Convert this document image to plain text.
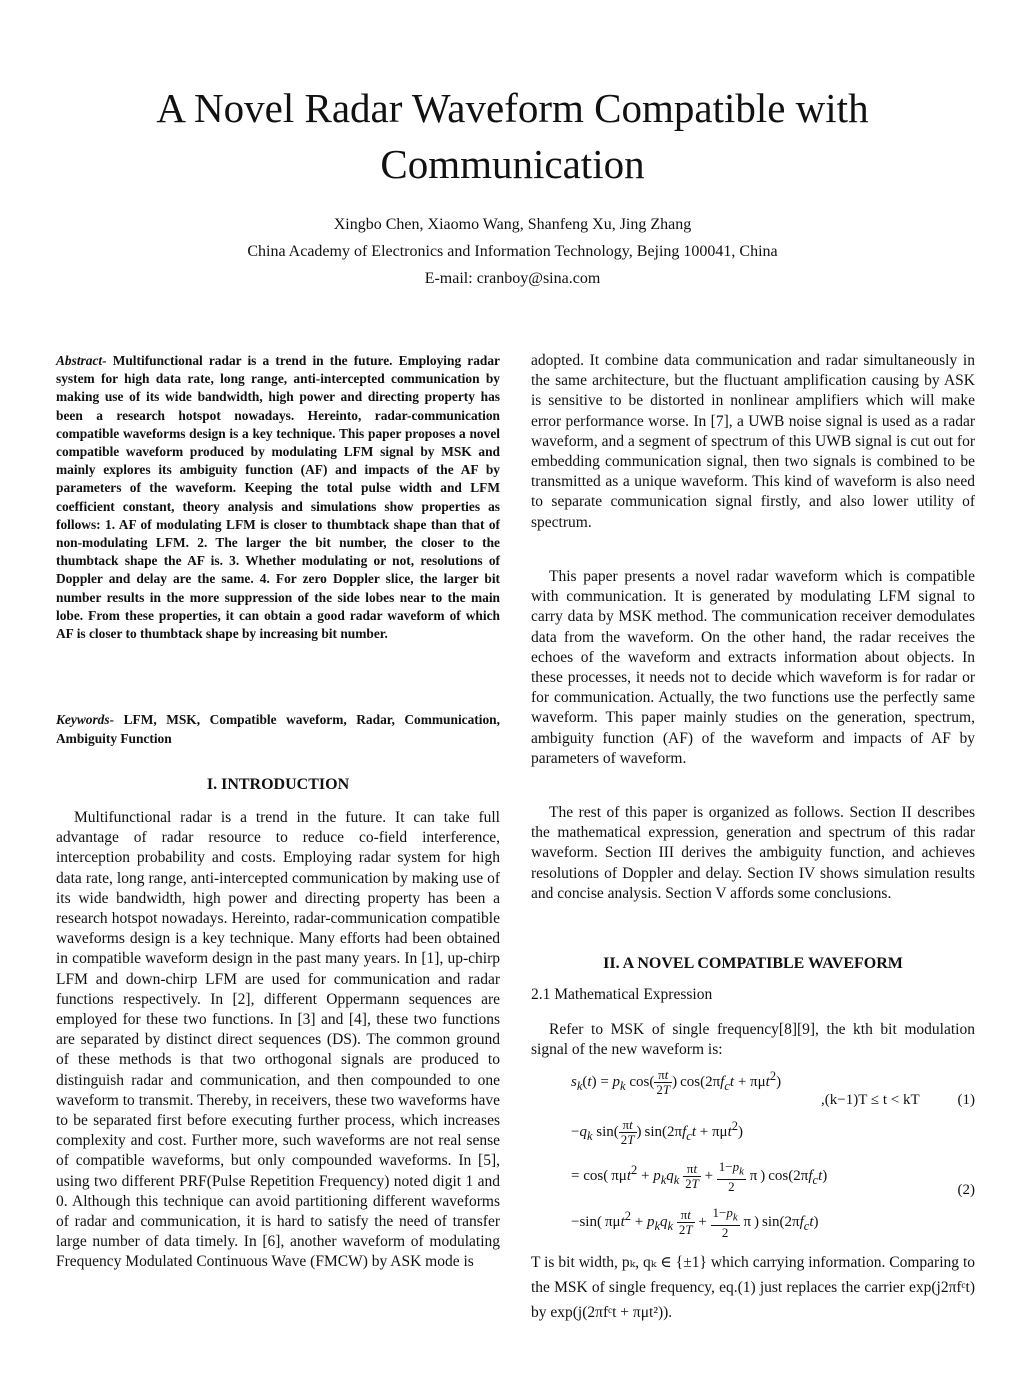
A Novel Radar Waveform Compatible with Communication
Xingbo Chen, Xiaomo Wang, Shanfeng Xu, Jing Zhang
China Academy of Electronics and Information Technology, Bejing 100041, China
E-mail: cranboy@sina.com

Abstract- Multifunctional radar is a trend in the future. Employing radar system for high data rate, long range, anti-intercepted communication by making use of its wide bandwidth, high power and directing property has been a research hotspot nowadays. Hereinto, radar-communication compatible waveforms design is a key technique. This paper proposes a novel compatible waveform produced by modulating LFM signal by MSK and mainly explores its ambiguity function (AF) and impacts of the AF by parameters of the waveform. Keeping the total pulse width and LFM coefficient constant, theory analysis and simulations show properties as follows: 1. AF of modulating LFM is closer to thumbtack shape than that of non-modulating LFM. 2. The larger the bit number, the closer to the thumbtack shape the AF is. 3. Whether modulating or not, resolutions of Doppler and delay are the same. 4. For zero Doppler slice, the larger bit number results in the more suppression of the side lobes near to the main lobe. From these properties, it can obtain a good radar waveform of which AF is closer to thumbtack shape by increasing bit number.

Keywords- LFM, MSK, Compatible waveform, Radar, Communication, Ambiguity Function

I. INTRODUCTION

Multifunctional radar is a trend in the future. It can take full advantage of radar resource to reduce co-field interference, interception probability and costs. Employing radar system for high data rate, long range, anti-intercepted communication by making use of its wide bandwidth, high power and directing property has been a research hotspot nowadays. Hereinto, radar-communication compatible waveforms design is a key technique. Many efforts had been obtained in compatible waveform design in the past many years. In [1], up-chirp LFM and down-chirp LFM are used for communication and radar functions respectively. In [2], different Oppermann sequences are employed for these two functions. In [3] and [4], these two functions are separated by distinct direct sequences (DS). The common ground of these methods is that two orthogonal signals are produced to distinguish radar and communication, and then compounded to one waveform to transmit. Thereby, in receivers, these two waveforms have to be separated first before executing further process, which increases complexity and cost. Further more, such waveforms are not real sense of compatible waveforms, but only compounded waveforms. In [5], using two different PRF(Pulse Repetition Frequency) noted digit 1 and 0. Although this technique can avoid partitioning different waveforms of radar and communication, it is hard to satisfy the need of transfer large number of data timely. In [6], another waveform of modulating Frequency Modulated Continuous Wave (FMCW) by ASK mode is

adopted. It combine data communication and radar simultaneously in the same architecture, but the fluctuant amplification causing by ASK is sensitive to be distorted in nonlinear amplifiers which will make error performance worse. In [7], a UWB noise signal is used as a radar waveform, and a segment of spectrum of this UWB signal is cut out for embedding communication signal, then two signals is combined to be transmitted as a unique waveform. This kind of waveform is also need to separate communication signal firstly, and also lower utility of spectrum.

This paper presents a novel radar waveform which is compatible with communication. It is generated by modulating LFM signal to carry data by MSK method. The communication receiver demodulates data from the waveform. On the other hand, the radar receives the echoes of the waveform and extracts information about objects. In these processes, it needs not to decide which waveform is for radar or for communication. Actually, the two functions use the perfectly same waveform. This paper mainly studies on the generation, spectrum, ambiguity function (AF) of the waveform and impacts of AF by parameters of waveform.

The rest of this paper is organized as follows. Section II describes the mathematical expression, generation and spectrum of this radar waveform. Section III derives the ambiguity function, and achieves resolutions of Doppler and delay. Section IV shows simulation results and concise analysis. Section V affords some conclusions.

II. A NOVEL COMPATIBLE WAVEFORM

2.1 Mathematical Expression

Refer to MSK of single frequency[8][9], the kth bit modulation signal of the new waveform is:

$s_k(t) = p_k$ $\cos( \frac{\pi t}{2T}$ ) $\cos(2\pi f_ct + \pi\mu t^2)$
,(k−1)T ≤ t < kT	(1)
$-q_k$ $\sin( \frac{\pi t}{2T}$ ) $\sin(2\pi f_ct + \pi\mu t^2)$
= cos( $\pi\mu t^2 + p_kq_k \frac{\pi t}{2T} + \frac{1-p_k}{2}$ π ) $\cos(2\pi f_ct)$
(2)
−sin( $\pi\mu t^2 + p_kq_k \frac{\pi t}{2T} + \frac{1-p_k}{2}$ π ) $\sin(2\pi f_ct)$

T is bit width, pₖ, qₖ ∈ {±1} which carrying information. Comparing to the MSK of single frequency, eq.(1) just replaces the carrier exp(j2πfᶜt) by exp(j(2πfᶜt + πμt²)).
